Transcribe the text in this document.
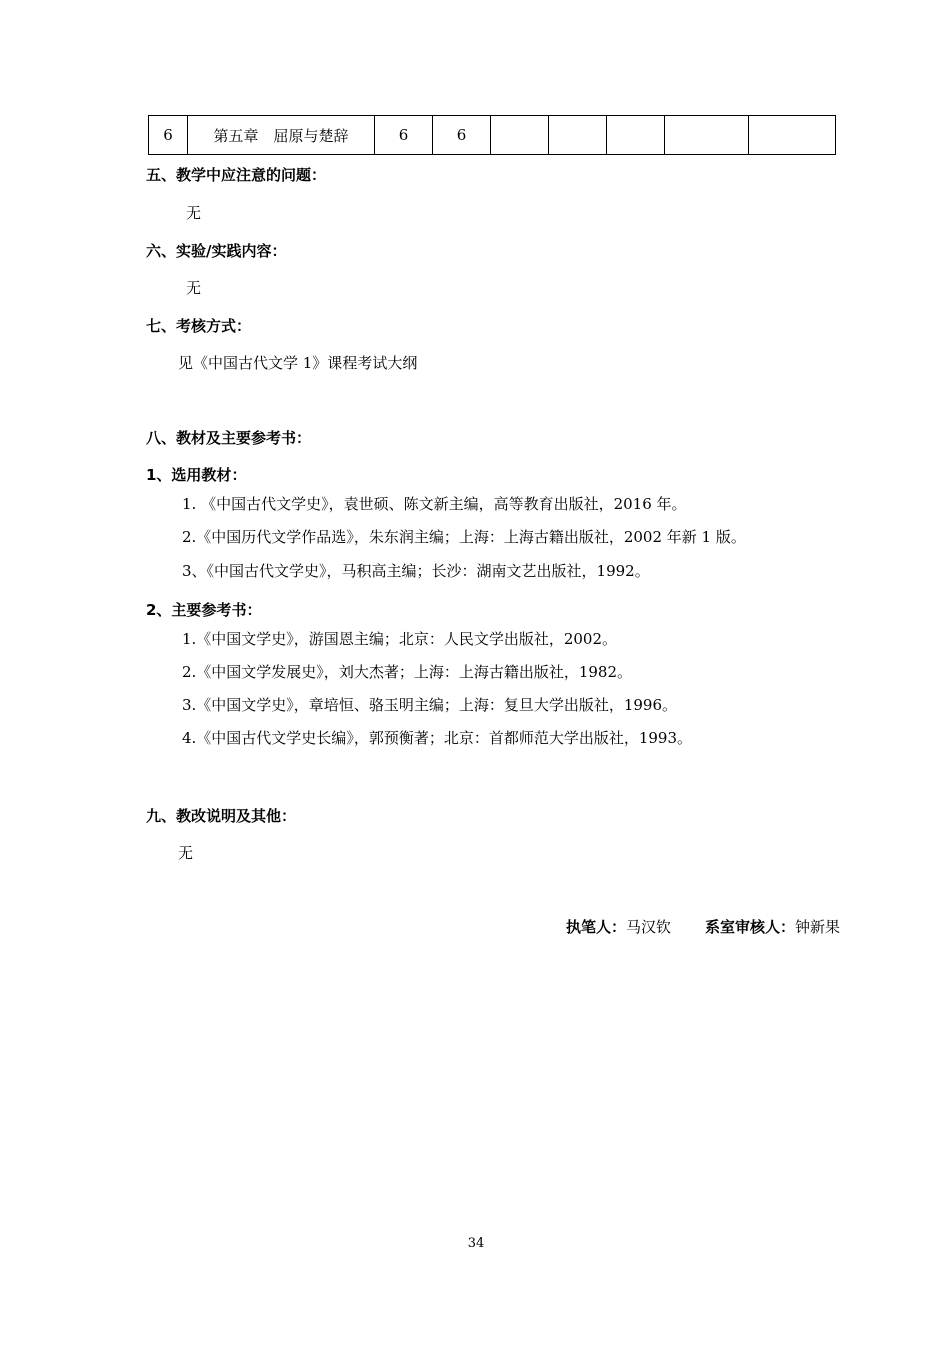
6	第五章　屈原与楚辞	6	6					
五、教学中应注意的问题：
无
六、实验/实践内容：
无
七、考核方式：
见《中国古代文学 1》课程考试大纲
八、教材及主要参考书：
1、选用教材：
1. 《中国古代文学史》，袁世硕、陈文新主编，高等教育出版社，2016 年。
2.《中国历代文学作品选》，朱东润主编；上海：上海古籍出版社，2002 年新 1 版。
3、《中国古代文学史》，马积高主编；长沙：湖南文艺出版社，1992。
2、主要参考书：
1.《中国文学史》，游国恩主编；北京：人民文学出版社，2002。
2.《中国文学发展史》，刘大杰著；上海：上海古籍出版社，1982。
3.《中国文学史》，章培恒、骆玉明主编；上海：复旦大学出版社，1996。
4.《中国古代文学史长编》，郭预衡著；北京：首都师范大学出版社，1993。
九、教改说明及其他：
无
执笔人：马汉钦 系室审核人：钟新果
34
